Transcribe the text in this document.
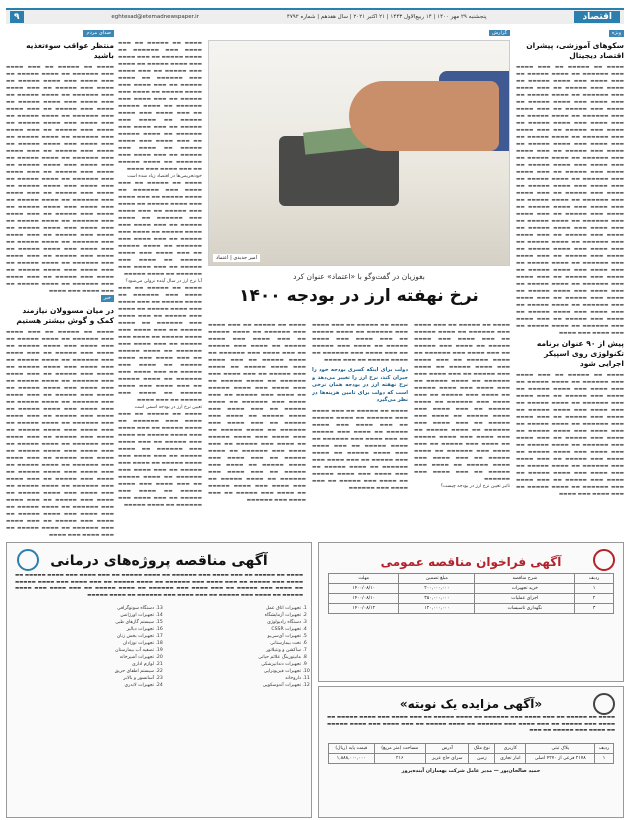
اقتصاد
پنجشنبه ۲۹ مهر ۱۴۰۰ | ۱۴ ربیع‌الاول ۱۴۴۳ | ۲۱ اکتبر ۲۰۲۱ | سال هفدهم | شماره ۴۷۹۲
eghtesad@etemadnewspaper.ir
۹
ویژه
سکوهای آموزشی، پیشران اقتصاد دیجیتال

▬▬▬▬ ▬▬ ▬▬▬▬▬ ▬▬ ▬▬▬ ▬▬▬▬ ▬▬▬ ▬▬▬▬▬▬ ▬▬ ▬▬▬▬ ▬▬▬▬▬ ▬▬ ▬▬▬ ▬▬▬▬ ▬▬▬ ▬▬▬▬ ▬▬▬▬▬ ▬▬ ▬▬▬▬ ▬▬▬ ▬▬▬▬▬ ▬▬ ▬▬▬ ▬▬▬▬ ▬▬▬ ▬▬▬▬▬▬ ▬▬ ▬▬▬▬ ▬▬▬▬▬ ▬▬ ▬▬▬ ▬▬▬▬ ▬▬▬ ▬▬▬▬ ▬▬▬▬▬ ▬▬ ▬▬▬▬ ▬▬▬ ▬▬▬▬▬ ▬▬ ▬▬▬ ▬▬▬▬ ▬▬▬ ▬▬▬▬▬▬ ▬▬ ▬▬▬▬ ▬▬▬▬▬ ▬▬ ▬▬▬ ▬▬▬▬ ▬▬▬ ▬▬▬▬ ▬▬▬▬▬ ▬▬ ▬▬▬▬ ▬▬▬ ▬▬▬▬▬ ▬▬ ▬▬▬ ▬▬▬▬ ▬▬▬ ▬▬▬▬▬▬ ▬▬ ▬▬▬▬ ▬▬▬▬▬ ▬▬ ▬▬▬ ▬▬▬▬ ▬▬▬ ▬▬▬▬ ▬▬▬▬▬ ▬▬ ▬▬▬▬ ▬▬▬ ▬▬▬▬▬ ▬▬ ▬▬▬ ▬▬▬▬ ▬▬▬ ▬▬▬▬▬▬ ▬▬ ▬▬▬▬ ▬▬▬▬▬ ▬▬ ▬▬▬ ▬▬▬▬ ▬▬▬ ▬▬▬▬ ▬▬▬▬▬ ▬▬ ▬▬▬▬ ▬▬▬ ▬▬▬▬▬ ▬▬ ▬▬▬ ▬▬▬▬ ▬▬▬ ▬▬▬▬▬▬ ▬▬ ▬▬▬▬ ▬▬▬▬▬ ▬▬ ▬▬▬ ▬▬▬▬ ▬▬▬ ▬▬▬▬ ▬▬▬▬▬ ▬▬ ▬▬▬▬ ▬▬▬ ▬▬▬▬▬ ▬▬ ▬▬▬ ▬▬▬▬ ▬▬▬ ▬▬▬▬▬▬ ▬▬ ▬▬▬▬ ▬▬▬▬▬ ▬▬ ▬▬▬ ▬▬▬▬ ▬▬▬ ▬▬▬▬ ▬▬▬▬▬ ▬▬ ▬▬▬▬ ▬▬▬ ▬▬▬▬▬ ▬▬ ▬▬▬ ▬▬▬▬ ▬▬▬ ▬▬▬▬▬▬ ▬▬ ▬▬▬▬ ▬▬▬▬▬ ▬▬ ▬▬▬ ▬▬▬▬ ▬▬▬ ▬▬▬▬ ▬▬▬▬▬ ▬▬ ▬▬▬▬ ▬▬▬ ▬▬▬▬▬ ▬▬ ▬▬▬ ▬▬▬▬ ▬▬▬ ▬▬▬▬▬▬ ▬▬ ▬▬▬▬ ▬▬▬▬▬ ▬▬ ▬▬▬ ▬▬▬▬ ▬▬▬ ▬▬▬▬ ▬▬▬▬▬ ▬▬ ▬▬▬▬ ▬▬▬ ▬▬▬▬▬ ▬▬ ▬▬▬ ▬▬▬▬ ▬▬▬ ▬▬▬▬▬▬ ▬▬ ▬▬▬▬ ▬▬▬▬▬ ▬▬ ▬▬▬ ▬▬▬▬ ▬▬▬ ▬▬▬▬ ▬▬▬▬▬ ▬▬ ▬▬▬▬ ▬▬▬ ▬▬▬▬▬ ▬▬ ▬▬▬ ▬▬▬▬ ▬▬▬ ▬▬▬▬▬▬ ▬▬ ▬▬▬▬ ▬▬▬▬▬ ▬▬ ▬▬▬ ▬▬▬▬ ▬▬▬ ▬▬▬▬ ▬▬▬▬▬ ▬▬ ▬▬▬▬ ▬▬▬ ▬▬▬▬▬ ▬▬ ▬▬▬ ▬▬▬▬ ▬▬▬ ▬▬▬▬▬▬ ▬▬ ▬▬▬▬ ▬▬▬▬▬ ▬▬ ▬▬▬ ▬▬▬▬ ▬▬▬ ▬▬▬▬ ▬▬▬▬▬ ▬▬ ▬▬▬▬ ▬▬▬ ▬▬▬▬▬ ▬▬ ▬▬▬ ▬▬▬▬ ▬▬▬ ▬▬▬▬▬▬ ▬▬ ▬▬▬▬ ▬▬▬▬▬ ▬▬ ▬▬▬ ▬▬▬▬ ▬▬▬ ▬▬▬▬

پیش از ۹۰ عنوان برنامه تکنولوژی روی اسپیکر اجرایی شود

▬▬▬▬ ▬▬ ▬▬▬▬▬ ▬▬ ▬▬▬ ▬▬▬▬ ▬▬▬ ▬▬▬▬▬▬ ▬▬ ▬▬▬▬ ▬▬▬▬▬ ▬▬ ▬▬▬ ▬▬▬▬ ▬▬▬ ▬▬▬▬ ▬▬▬▬▬ ▬▬ ▬▬▬▬ ▬▬▬ ▬▬▬▬▬ ▬▬ ▬▬▬ ▬▬▬▬ ▬▬▬ ▬▬▬▬▬▬ ▬▬ ▬▬▬▬ ▬▬▬▬▬ ▬▬ ▬▬▬ ▬▬▬▬ ▬▬▬ ▬▬▬▬ ▬▬▬▬▬ ▬▬ ▬▬▬▬ ▬▬▬ ▬▬▬▬▬ ▬▬ ▬▬▬ ▬▬▬▬ ▬▬▬ ▬▬▬▬▬▬ ▬▬ ▬▬▬▬ ▬▬▬▬▬ ▬▬ ▬▬▬ ▬▬▬▬ ▬▬▬ ▬▬▬▬ ▬▬▬▬▬ ▬▬ ▬▬▬▬ ▬▬▬ ▬▬▬▬▬ ▬▬ ▬▬▬ ▬▬▬▬ ▬▬▬ ▬▬▬▬▬▬ ▬▬ ▬▬▬▬ ▬▬▬▬▬ ▬▬ ▬▬▬ ▬▬▬▬ ▬▬▬ ▬▬▬▬ ▬▬▬▬▬ ▬▬ ▬▬▬▬ ▬▬▬ ▬▬▬▬▬ ▬▬ ▬▬▬ ▬▬▬▬ ▬▬▬ ▬▬▬▬▬▬ ▬▬ ▬▬▬▬ ▬▬▬▬▬ ▬▬ ▬▬▬ ▬▬▬▬ ▬▬▬ ▬▬▬▬ ▬▬▬▬▬ ▬▬ ▬▬▬▬ ▬▬▬ ▬▬▬▬▬ ▬▬ ▬▬▬ ▬▬▬▬ ▬▬▬ ▬▬▬▬▬▬ ▬▬ ▬▬▬▬ ▬▬▬▬▬ ▬▬ ▬▬▬ ▬▬▬▬ ▬▬▬ ▬▬▬▬

گزارش
▬▬▬▬ ▬▬ ▬▬▬▬▬ ▬▬ ▬▬▬ ▬▬▬▬ ▬▬▬ ▬▬▬▬▬▬ ▬▬ ▬▬▬▬ ▬▬▬▬▬ ▬▬ ▬▬▬ ▬▬▬▬ ▬▬▬ ▬▬▬▬ ▬▬▬▬▬ ▬▬ ▬▬▬▬ ▬▬▬ ▬▬▬▬▬ ▬▬ ▬▬▬ ▬▬▬▬ ▬▬▬ ▬▬▬▬▬▬ ▬▬ ▬▬▬▬ ▬▬▬▬▬ ▬▬ ▬▬▬ ▬▬▬▬ ▬▬▬ ▬▬▬▬ ▬▬▬▬▬ ▬▬ ▬▬▬▬ ▬▬▬ ▬▬▬▬▬ ▬▬ ▬▬▬ ▬▬▬▬ ▬▬▬ ▬▬▬▬▬▬ ▬▬ ▬▬▬▬ ▬▬▬▬▬ ▬▬ ▬▬▬ ▬▬▬▬ ▬▬▬ ▬▬▬▬ ▬▬▬▬▬ ▬▬ ▬▬▬▬ ▬▬▬ ▬▬▬▬▬ ▬▬ ▬▬▬ ▬▬▬▬ ▬▬▬ ▬▬▬▬▬▬ ▬▬ ▬▬▬▬ ▬▬▬▬▬ ▬▬ ▬▬▬ ▬▬▬▬ ▬▬▬ ▬▬▬▬ ▬▬▬▬▬ ▬▬ ▬▬▬▬ ▬▬▬ ▬▬▬▬▬ ▬▬ ▬▬▬ ▬▬▬▬ ▬▬▬ ▬▬▬▬▬▬ ▬▬ ▬▬▬▬ ▬▬▬▬▬ ▬▬ ▬▬▬ ▬▬▬▬ ▬▬▬ ▬▬▬▬
خودتحریمی‌ها در اقتصاد زیاد شده است
▬▬▬▬ ▬▬ ▬▬▬▬▬ ▬▬ ▬▬▬ ▬▬▬▬ ▬▬▬ ▬▬▬▬▬▬ ▬▬ ▬▬▬▬ ▬▬▬▬▬ ▬▬ ▬▬▬ ▬▬▬▬ ▬▬▬ ▬▬▬▬ ▬▬▬▬▬ ▬▬ ▬▬▬▬ ▬▬▬ ▬▬▬▬▬ ▬▬ ▬▬▬ ▬▬▬▬ ▬▬▬ ▬▬▬▬▬▬ ▬▬ ▬▬▬▬ ▬▬▬▬▬ ▬▬ ▬▬▬ ▬▬▬▬ ▬▬▬ ▬▬▬▬ ▬▬▬▬▬ ▬▬ ▬▬▬▬ ▬▬▬ ▬▬▬▬▬ ▬▬ ▬▬▬ ▬▬▬▬ ▬▬▬ ▬▬▬▬▬▬ ▬▬ ▬▬▬▬ ▬▬▬▬▬ ▬▬ ▬▬▬ ▬▬▬▬ ▬▬▬ ▬▬▬▬ ▬▬▬▬▬ ▬▬ ▬▬▬▬ ▬▬▬ ▬▬▬▬▬ ▬▬ ▬▬▬ ▬▬▬▬ ▬▬▬ ▬▬▬▬▬▬ ▬▬ ▬▬▬▬ ▬▬▬▬▬
آیا نرخ ارز در سال آینده نزولی می‌شود؟
▬▬▬▬ ▬▬ ▬▬▬▬▬ ▬▬ ▬▬▬ ▬▬▬▬ ▬▬▬ ▬▬▬▬▬▬ ▬▬ ▬▬▬▬ ▬▬▬▬▬ ▬▬ ▬▬▬ ▬▬▬▬ ▬▬▬ ▬▬▬▬ ▬▬▬▬▬ ▬▬ ▬▬▬▬ ▬▬▬ ▬▬▬▬▬ ▬▬ ▬▬▬ ▬▬▬▬ ▬▬▬ ▬▬▬▬▬▬ ▬▬ ▬▬▬▬ ▬▬▬▬▬ ▬▬ ▬▬▬ ▬▬▬▬ ▬▬▬ ▬▬▬▬ ▬▬▬▬▬ ▬▬ ▬▬▬▬ ▬▬▬ ▬▬▬▬▬ ▬▬ ▬▬▬ ▬▬▬▬ ▬▬▬ ▬▬▬▬▬▬ ▬▬ ▬▬▬▬ ▬▬▬▬▬ ▬▬ ▬▬▬ ▬▬▬▬ ▬▬▬ ▬▬▬▬ ▬▬▬▬▬ ▬▬ ▬▬▬▬ ▬▬▬ ▬▬▬▬▬ ▬▬ ▬▬▬ ▬▬▬▬ ▬▬▬ ▬▬▬▬▬▬ ▬▬ ▬▬▬▬ ▬▬▬▬▬ ▬▬ ▬▬▬ ▬▬▬▬ ▬▬▬ ▬▬▬▬ ▬▬▬▬▬ ▬▬ ▬▬▬▬ ▬▬▬ ▬▬▬▬▬ ▬▬ ▬▬▬ ▬▬▬▬
تعیین نرخ ارز در بودجه اسمی است
▬▬▬▬ ▬▬ ▬▬▬▬▬ ▬▬ ▬▬▬ ▬▬▬▬ ▬▬▬ ▬▬▬▬▬▬ ▬▬ ▬▬▬▬ ▬▬▬▬▬ ▬▬ ▬▬▬ ▬▬▬▬ ▬▬▬ ▬▬▬▬ ▬▬▬▬▬ ▬▬ ▬▬▬▬ ▬▬▬ ▬▬▬▬▬ ▬▬ ▬▬▬ ▬▬▬▬ ▬▬▬ ▬▬▬▬▬▬ ▬▬ ▬▬▬▬ ▬▬▬▬▬ ▬▬ ▬▬▬ ▬▬▬▬ ▬▬▬ ▬▬▬▬ ▬▬▬▬▬ ▬▬ ▬▬▬▬ ▬▬▬ ▬▬▬▬▬ ▬▬ ▬▬▬ ▬▬▬▬ ▬▬▬ ▬▬▬▬▬▬ ▬▬ ▬▬▬▬ ▬▬▬▬▬ ▬▬ ▬▬▬ ▬▬▬▬ ▬▬▬ ▬▬▬▬ ▬▬▬▬▬ ▬▬ ▬▬▬▬ ▬▬▬ ▬▬▬▬▬ ▬▬ ▬▬▬ ▬▬▬▬ ▬▬▬ ▬▬▬▬▬▬ ▬▬ ▬▬▬▬ ▬▬▬▬▬
امیر جدیدی | اعتماد
بغوزیان در گفت‌وگو با «اعتماد» عنوان کرد
نرخ نهفته ارز در بودجه ۱۴۰۰
▬▬▬▬ ▬▬ ▬▬▬▬▬ ▬▬ ▬▬▬ ▬▬▬▬ ▬▬▬ ▬▬▬▬▬▬ ▬▬ ▬▬▬▬ ▬▬▬▬▬ ▬▬ ▬▬▬ ▬▬▬▬ ▬▬▬ ▬▬▬▬ ▬▬▬▬▬ ▬▬ ▬▬▬▬ ▬▬▬ ▬▬▬▬▬ ▬▬ ▬▬▬ ▬▬▬▬ ▬▬▬ ▬▬▬▬▬▬ ▬▬ ▬▬▬▬ ▬▬▬▬▬ ▬▬ ▬▬▬ ▬▬▬▬ ▬▬▬ ▬▬▬▬ ▬▬▬▬▬ ▬▬ ▬▬▬▬ ▬▬▬ ▬▬▬▬▬ ▬▬ ▬▬▬ ▬▬▬▬ ▬▬▬ ▬▬▬▬▬▬ ▬▬ ▬▬▬▬ ▬▬▬▬▬ ▬▬ ▬▬▬ ▬▬▬▬ ▬▬▬ ▬▬▬▬ ▬▬▬▬▬ ▬▬ ▬▬▬▬ ▬▬▬ ▬▬▬▬▬ ▬▬ ▬▬▬ ▬▬▬▬ ▬▬▬ ▬▬▬▬▬▬ ▬▬ ▬▬▬▬ ▬▬▬▬▬ ▬▬ ▬▬▬ ▬▬▬▬ ▬▬▬ ▬▬▬▬ ▬▬▬▬▬ ▬▬ ▬▬▬▬ ▬▬▬ ▬▬▬▬▬ ▬▬ ▬▬▬ ▬▬▬▬ ▬▬▬ ▬▬▬▬▬▬ ▬▬ ▬▬▬▬ ▬▬▬▬▬ ▬▬ ▬▬▬ ▬▬▬▬ ▬▬▬ ▬▬▬▬ ▬▬▬▬▬ ▬▬ ▬▬▬▬ ▬▬▬ ▬▬▬▬▬ ▬▬ ▬▬▬ ▬▬▬▬ ▬▬▬ ▬▬▬▬▬▬ ▬▬ ▬▬▬▬ ▬▬▬▬▬ ▬▬ ▬▬▬ ▬▬▬▬ ▬▬▬ ▬▬▬▬ ▬▬▬▬▬ ▬▬ ▬▬▬▬ ▬▬▬ ▬▬▬▬▬ ▬▬ ▬▬▬ ▬▬▬▬ ▬▬▬ ▬▬▬▬▬▬
تاثیر تعیین نرخ ارز در بودجه چیست؟
▬▬▬▬ ▬▬ ▬▬▬▬▬ ▬▬ ▬▬▬ ▬▬▬▬ ▬▬▬ ▬▬▬▬▬▬ ▬▬ ▬▬▬▬ ▬▬▬▬▬ ▬▬ ▬▬▬ ▬▬▬▬ ▬▬▬ ▬▬▬▬ ▬▬▬▬▬ ▬▬ ▬▬▬▬ ▬▬▬ ▬▬▬▬▬ ▬▬ ▬▬▬ ▬▬▬▬ ▬▬▬ ▬▬▬▬▬▬ ▬▬ ▬▬▬▬ ▬▬▬▬▬ ▬▬ ▬▬▬ ▬▬▬▬
دولت برای اینکه کسری بودجه خود را جبران کند، نرخ ارز را تغییر می‌دهد و نرخ نهفته ارز در بودجه همان نرخی است که دولت برای تامین هزینه‌ها در نظر می‌گیرد
▬▬▬▬ ▬▬ ▬▬▬▬▬ ▬▬ ▬▬▬ ▬▬▬▬ ▬▬▬ ▬▬▬▬▬▬ ▬▬ ▬▬▬▬ ▬▬▬▬▬ ▬▬ ▬▬▬ ▬▬▬▬ ▬▬▬ ▬▬▬▬ ▬▬▬▬▬ ▬▬ ▬▬▬▬ ▬▬▬ ▬▬▬▬▬ ▬▬ ▬▬▬ ▬▬▬▬ ▬▬▬ ▬▬▬▬▬▬ ▬▬ ▬▬▬▬ ▬▬▬▬▬ ▬▬ ▬▬▬ ▬▬▬▬ ▬▬▬ ▬▬▬▬ ▬▬▬▬▬ ▬▬ ▬▬▬▬ ▬▬▬ ▬▬▬▬▬ ▬▬ ▬▬▬ ▬▬▬▬ ▬▬▬ ▬▬▬▬▬▬ ▬▬ ▬▬▬▬ ▬▬▬▬▬ ▬▬ ▬▬▬ ▬▬▬▬ ▬▬▬ ▬▬▬▬ ▬▬▬▬▬ ▬▬ ▬▬▬▬ ▬▬▬ ▬▬▬▬▬ ▬▬ ▬▬▬ ▬▬▬▬ ▬▬▬ ▬▬▬▬▬▬
▬▬▬▬ ▬▬ ▬▬▬▬▬ ▬▬ ▬▬▬ ▬▬▬▬ ▬▬▬ ▬▬▬▬▬▬ ▬▬ ▬▬▬▬ ▬▬▬▬▬ ▬▬ ▬▬▬ ▬▬▬▬ ▬▬▬ ▬▬▬▬ ▬▬▬▬▬ ▬▬ ▬▬▬▬ ▬▬▬ ▬▬▬▬▬ ▬▬ ▬▬▬ ▬▬▬▬ ▬▬▬ ▬▬▬▬▬▬ ▬▬ ▬▬▬▬ ▬▬▬▬▬ ▬▬ ▬▬▬ ▬▬▬▬ ▬▬▬ ▬▬▬▬ ▬▬▬▬▬ ▬▬ ▬▬▬▬ ▬▬▬ ▬▬▬▬▬ ▬▬ ▬▬▬ ▬▬▬▬ ▬▬▬ ▬▬▬▬▬▬ ▬▬ ▬▬▬▬ ▬▬▬▬▬ ▬▬ ▬▬▬ ▬▬▬▬ ▬▬▬ ▬▬▬▬ ▬▬▬▬▬ ▬▬ ▬▬▬▬ ▬▬▬ ▬▬▬▬▬ ▬▬ ▬▬▬ ▬▬▬▬ ▬▬▬ ▬▬▬▬▬▬ ▬▬ ▬▬▬▬ ▬▬▬▬▬ ▬▬ ▬▬▬ ▬▬▬▬ ▬▬▬ ▬▬▬▬ ▬▬▬▬▬ ▬▬ ▬▬▬▬ ▬▬▬ ▬▬▬▬▬ ▬▬ ▬▬▬ ▬▬▬▬ ▬▬▬ ▬▬▬▬▬▬ ▬▬ ▬▬▬▬ ▬▬▬▬▬ ▬▬ ▬▬▬ ▬▬▬▬ ▬▬▬ ▬▬▬▬ ▬▬▬▬▬ ▬▬ ▬▬▬▬ ▬▬▬ ▬▬▬▬▬ ▬▬ ▬▬▬ ▬▬▬▬ ▬▬▬ ▬▬▬▬▬▬ ▬▬ ▬▬▬▬ ▬▬▬▬▬ ▬▬ ▬▬▬ ▬▬▬▬ ▬▬▬ ▬▬▬▬ ▬▬▬▬▬ ▬▬ ▬▬▬▬ ▬▬▬ ▬▬▬▬▬ ▬▬ ▬▬▬ ▬▬▬▬ ▬▬▬ ▬▬▬▬▬▬ ▬▬ ▬▬▬▬ ▬▬▬▬▬ ▬▬ ▬▬▬ ▬▬▬▬ ▬▬▬ ▬▬▬▬ ▬▬▬▬▬ ▬▬ ▬▬▬▬ ▬▬▬ ▬▬▬▬▬ ▬▬ ▬▬▬ ▬▬▬▬ ▬▬▬ ▬▬▬▬▬▬
صدای مردم
منتظر عواقب سوءتغذیه باشید
▬▬▬▬ ▬▬ ▬▬▬▬▬ ▬▬ ▬▬▬ ▬▬▬▬ ▬▬▬ ▬▬▬▬▬▬ ▬▬ ▬▬▬▬ ▬▬▬▬▬ ▬▬ ▬▬▬ ▬▬▬▬ ▬▬▬ ▬▬▬▬ ▬▬▬▬▬ ▬▬ ▬▬▬▬ ▬▬▬ ▬▬▬▬▬ ▬▬ ▬▬▬ ▬▬▬▬ ▬▬▬ ▬▬▬▬▬▬ ▬▬ ▬▬▬▬ ▬▬▬▬▬ ▬▬ ▬▬▬ ▬▬▬▬ ▬▬▬ ▬▬▬▬ ▬▬▬▬▬ ▬▬ ▬▬▬▬ ▬▬▬ ▬▬▬▬▬ ▬▬ ▬▬▬ ▬▬▬▬ ▬▬▬ ▬▬▬▬▬▬ ▬▬ ▬▬▬▬ ▬▬▬▬▬ ▬▬ ▬▬▬ ▬▬▬▬ ▬▬▬ ▬▬▬▬ ▬▬▬▬▬ ▬▬ ▬▬▬▬ ▬▬▬ ▬▬▬▬▬ ▬▬ ▬▬▬ ▬▬▬▬ ▬▬▬ ▬▬▬▬▬▬ ▬▬ ▬▬▬▬ ▬▬▬▬▬ ▬▬ ▬▬▬ ▬▬▬▬ ▬▬▬ ▬▬▬▬ ▬▬▬▬▬ ▬▬ ▬▬▬▬ ▬▬▬ ▬▬▬▬▬ ▬▬ ▬▬▬ ▬▬▬▬ ▬▬▬ ▬▬▬▬▬▬ ▬▬ ▬▬▬▬ ▬▬▬▬▬ ▬▬ ▬▬▬ ▬▬▬▬ ▬▬▬ ▬▬▬▬ ▬▬▬▬▬ ▬▬ ▬▬▬▬ ▬▬▬ ▬▬▬▬▬ ▬▬ ▬▬▬ ▬▬▬▬ ▬▬▬ ▬▬▬▬▬▬ ▬▬ ▬▬▬▬ ▬▬▬▬▬ ▬▬ ▬▬▬ ▬▬▬▬ ▬▬▬ ▬▬▬▬ ▬▬▬▬▬ ▬▬ ▬▬▬▬ ▬▬▬ ▬▬▬▬▬ ▬▬ ▬▬▬ ▬▬▬▬ ▬▬▬ ▬▬▬▬▬▬ ▬▬ ▬▬▬▬ ▬▬▬▬▬ ▬▬ ▬▬▬ ▬▬▬▬ ▬▬▬ ▬▬▬▬ ▬▬▬▬▬ ▬▬ ▬▬▬▬ ▬▬▬ ▬▬▬▬▬ ▬▬ ▬▬▬ ▬▬▬▬ ▬▬▬ ▬▬▬▬▬▬ ▬▬ ▬▬▬▬ ▬▬▬▬▬ ▬▬ ▬▬▬ ▬▬▬▬ ▬▬▬ ▬▬▬▬ ▬▬▬▬▬ ▬▬ ▬▬▬▬ ▬▬▬ ▬▬▬▬▬ ▬▬ ▬▬▬ ▬▬▬▬ ▬▬▬ ▬▬▬▬▬▬ ▬▬ ▬▬▬▬ ▬▬▬▬▬ ▬▬ ▬▬▬ ▬▬▬▬ ▬▬▬ ▬▬▬▬ ▬▬▬▬▬ ▬▬ ▬▬▬▬ ▬▬▬ ▬▬▬▬▬ ▬▬ ▬▬▬ ▬▬▬▬ ▬▬▬ ▬▬▬▬▬▬ ▬▬ ▬▬▬▬ ▬▬▬▬▬ ▬▬ ▬▬▬ ▬▬▬▬ ▬▬▬ ▬▬▬▬ ▬▬▬▬▬ ▬▬ ▬▬▬▬ ▬▬▬ ▬▬▬▬▬ ▬▬ ▬▬▬ ▬▬▬▬ ▬▬▬ ▬▬▬▬▬▬ ▬▬ ▬▬▬▬ ▬▬▬▬▬ ▬▬ ▬▬▬ ▬▬▬▬ ▬▬▬ ▬▬▬▬
خبر
در میان مسوولان نیازمند کمک و گوش بیشتر هستیم
▬▬▬▬ ▬▬ ▬▬▬▬▬ ▬▬ ▬▬▬ ▬▬▬▬ ▬▬▬ ▬▬▬▬▬▬ ▬▬ ▬▬▬▬ ▬▬▬▬▬ ▬▬ ▬▬▬ ▬▬▬▬ ▬▬▬ ▬▬▬▬ ▬▬▬▬▬ ▬▬ ▬▬▬▬ ▬▬▬ ▬▬▬▬▬ ▬▬ ▬▬▬ ▬▬▬▬ ▬▬▬ ▬▬▬▬▬▬ ▬▬ ▬▬▬▬ ▬▬▬▬▬ ▬▬ ▬▬▬ ▬▬▬▬ ▬▬▬ ▬▬▬▬ ▬▬▬▬▬ ▬▬ ▬▬▬▬ ▬▬▬ ▬▬▬▬▬ ▬▬ ▬▬▬ ▬▬▬▬ ▬▬▬ ▬▬▬▬▬▬ ▬▬ ▬▬▬▬ ▬▬▬▬▬ ▬▬ ▬▬▬ ▬▬▬▬ ▬▬▬ ▬▬▬▬ ▬▬▬▬▬ ▬▬ ▬▬▬▬ ▬▬▬ ▬▬▬▬▬ ▬▬ ▬▬▬ ▬▬▬▬ ▬▬▬ ▬▬▬▬▬▬ ▬▬ ▬▬▬▬ ▬▬▬▬▬ ▬▬ ▬▬▬ ▬▬▬▬ ▬▬▬ ▬▬▬▬ ▬▬▬▬▬ ▬▬ ▬▬▬▬ ▬▬▬ ▬▬▬▬▬ ▬▬ ▬▬▬ ▬▬▬▬ ▬▬▬ ▬▬▬▬▬▬ ▬▬ ▬▬▬▬ ▬▬▬▬▬ ▬▬ ▬▬▬ ▬▬▬▬ ▬▬▬ ▬▬▬▬ ▬▬▬▬▬ ▬▬ ▬▬▬▬ ▬▬▬ ▬▬▬▬▬ ▬▬ ▬▬▬ ▬▬▬▬ ▬▬▬ ▬▬▬▬▬▬ ▬▬ ▬▬▬▬ ▬▬▬▬▬ ▬▬ ▬▬▬ ▬▬▬▬ ▬▬▬ ▬▬▬▬ ▬▬▬▬▬ ▬▬ ▬▬▬▬ ▬▬▬ ▬▬▬▬▬ ▬▬ ▬▬▬ ▬▬▬▬ ▬▬▬ ▬▬▬▬▬▬ ▬▬ ▬▬▬▬ ▬▬▬▬▬ ▬▬ ▬▬▬ ▬▬▬▬ ▬▬▬ ▬▬▬▬ ▬▬▬▬▬ ▬▬ ▬▬▬▬ ▬▬▬ ▬▬▬▬▬ ▬▬ ▬▬▬ ▬▬▬▬ ▬▬▬ ▬▬▬▬▬▬ ▬▬ ▬▬▬▬ ▬▬▬▬▬ ▬▬ ▬▬▬ ▬▬▬▬ ▬▬▬ ▬▬▬▬ ▬▬▬▬▬ ▬▬ ▬▬▬▬ ▬▬▬ ▬▬▬▬▬ ▬▬ ▬▬▬ ▬▬▬▬ ▬▬▬ ▬▬▬▬▬▬ ▬▬ ▬▬▬▬ ▬▬▬▬▬ ▬▬ ▬▬▬ ▬▬▬▬ ▬▬▬ ▬▬▬▬ ▬▬▬▬▬ ▬▬ ▬▬▬▬ ▬▬▬ ▬▬▬▬▬ ▬▬ ▬▬▬ ▬▬▬▬ ▬▬▬ ▬▬▬▬▬▬ ▬▬ ▬▬▬▬ ▬▬▬▬▬ ▬▬ ▬▬▬ ▬▬▬▬ ▬▬▬ ▬▬▬▬
آگهی مناقصه پروژه‌های درمانی
▬▬▬▬ ▬▬ ▬▬▬▬▬ ▬▬ ▬▬▬ ▬▬▬▬ ▬▬▬ ▬▬▬▬▬▬ ▬▬ ▬▬▬▬ ▬▬▬▬▬ ▬▬ ▬▬▬ ▬▬▬▬ ▬▬▬ ▬▬▬▬ ▬▬▬▬▬ ▬▬ ▬▬▬▬ ▬▬▬ ▬▬▬▬▬ ▬▬ ▬▬▬ ▬▬▬▬ ▬▬▬ ▬▬▬▬▬▬ ▬▬ ▬▬▬▬ ▬▬▬▬▬ ▬▬ ▬▬▬ ▬▬▬▬ ▬▬▬ ▬▬▬▬ ▬▬▬▬▬ ▬▬ ▬▬▬▬ ▬▬▬ ▬▬▬▬▬ ▬▬ ▬▬▬ ▬▬▬▬ ▬▬▬ ▬▬▬▬▬▬ ▬▬ ▬▬▬▬ ▬▬▬▬▬ ▬▬ ▬▬▬ ▬▬▬▬ ▬▬▬ ▬▬▬▬ ▬▬▬▬▬ ▬▬ ▬▬▬▬ ▬▬▬ ▬▬▬▬▬ ▬▬ ▬▬▬ ▬▬▬▬ ▬▬▬ ▬▬▬▬▬▬ ▬▬ ▬▬▬▬ ▬▬▬▬▬
1. تجهیزات اتاق عمل
2. تجهیزات آزمایشگاه
3. دستگاه رادیولوژی
4. تجهیزات CSSR
5. تجهیزات آی‌سی‌یو
6. تخت بیمارستانی
7. ساکشن و ونتیلاتور
8. مانیتورینگ علائم حیاتی
9. تجهیزات دندانپزشکی
10. تجهیزات فیزیوتراپی
11. داروخانه
12. تجهیزات آندوسکوپی
13. دستگاه سونوگرافی
14. تجهیزات اورژانس
15. سیستم گازهای طبی
16. تجهیزات دیالیز
17. تجهیزات بخش زنان
18. تجهیزات نوزادان
19. تصفیه آب بیمارستان
20. تجهیزات آشپزخانه
21. لوازم اداری
22. سیستم اطفای حریق
23. آسانسور و بالابر
24. تجهیزات لاندری
آگهی فراخوان مناقصه عمومی
ردیف	شرح مناقصه	مبلغ تضمین	مهلت
۱	خرید تجهیزات	۲۰۰,۰۰۰,۰۰۰	۱۴۰۰/۰۸/۱۰
۲	اجرای عملیات	۳۵۰,۰۰۰,۰۰۰	۱۴۰۰/۰۸/۱۰
۳	نگهداری تاسیسات	۱۲۰,۰۰۰,۰۰۰	۱۴۰۰/۰۸/۱۲
«آگهی مزایده یک نوبته»
▬▬▬▬ ▬▬ ▬▬▬▬▬ ▬▬ ▬▬▬ ▬▬▬▬ ▬▬▬ ▬▬▬▬▬▬ ▬▬ ▬▬▬▬ ▬▬▬▬▬ ▬▬ ▬▬▬ ▬▬▬▬ ▬▬▬ ▬▬▬▬ ▬▬▬▬▬ ▬▬ ▬▬▬▬ ▬▬▬ ▬▬▬▬▬ ▬▬ ▬▬▬ ▬▬▬▬ ▬▬▬ ▬▬▬▬▬▬ ▬▬ ▬▬▬▬ ▬▬▬▬▬ ▬▬ ▬▬▬ ▬▬▬▬ ▬▬▬ ▬▬▬▬ ▬▬▬▬▬ ▬▬ ▬▬▬▬ ▬▬▬ ▬▬▬▬▬ ▬▬ ▬▬▬
ردیف	پلاک ثبتی	کاربری	نوع ملک	آدرس	مساحت (متر مربع)	قیمت پایه (ریال)
۱	۲۱۷۸ فرعی از ۴۲۷۰ اصلی	انبار تجاری	زمین	سرای حاج عزیز	۲۱۶	۱,۸۸۸,۰۰۰,۰۰۰
حمید صالحان‌پور — مدیر عامل شرکت بهسازان آینده‌پرور
